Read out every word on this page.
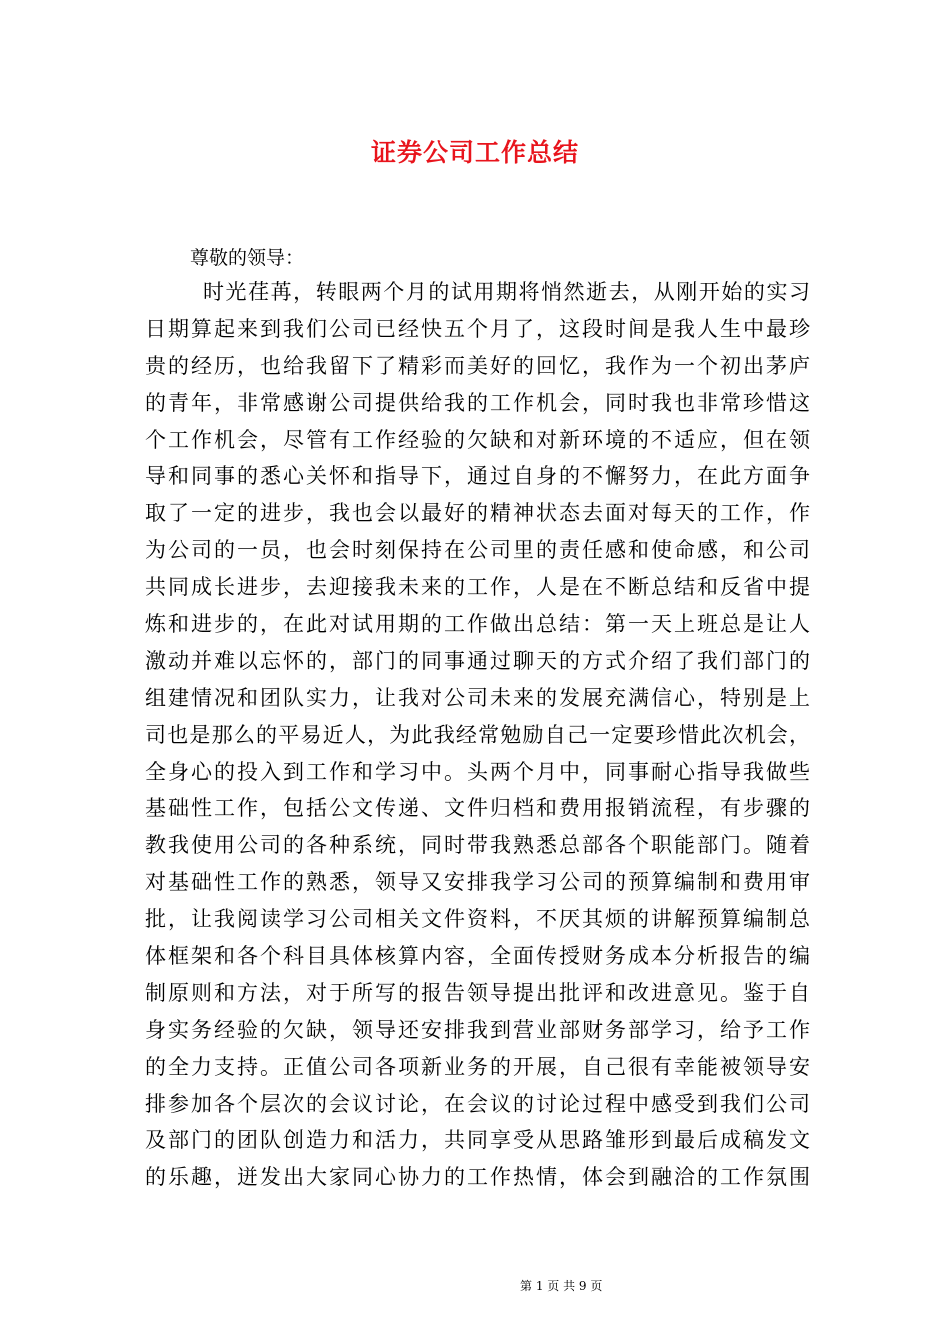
证券公司工作总结
尊敬的领导：
时光荏苒，转眼两个月的试用期将悄然逝去，从刚开始的实习
日期算起来到我们公司已经快五个月了，这段时间是我人生中最珍
贵的经历，也给我留下了精彩而美好的回忆，我作为一个初出茅庐
的青年，非常感谢公司提供给我的工作机会，同时我也非常珍惜这
个工作机会，尽管有工作经验的欠缺和对新环境的不适应，但在领
导和同事的悉心关怀和指导下，通过自身的不懈努力，在此方面争
取了一定的进步，我也会以最好的精神状态去面对每天的工作，作
为公司的一员，也会时刻保持在公司里的责任感和使命感，和公司
共同成长进步，去迎接我未来的工作，人是在不断总结和反省中提
炼和进步的，在此对试用期的工作做出总结：第一天上班总是让人
激动并难以忘怀的，部门的同事通过聊天的方式介绍了我们部门的
组建情况和团队实力，让我对公司未来的发展充满信心，特别是上
司也是那么的平易近人，为此我经常勉励自己一定要珍惜此次机会，
全身心的投入到工作和学习中。头两个月中，同事耐心指导我做些
基础性工作，包括公文传递、文件归档和费用报销流程，有步骤的
教我使用公司的各种系统，同时带我熟悉总部各个职能部门。随着
对基础性工作的熟悉，领导又安排我学习公司的预算编制和费用审
批，让我阅读学习公司相关文件资料，不厌其烦的讲解预算编制总
体框架和各个科目具体核算内容，全面传授财务成本分析报告的编
制原则和方法，对于所写的报告领导提出批评和改进意见。鉴于自
身实务经验的欠缺，领导还安排我到营业部财务部学习，给予工作
的全力支持。正值公司各项新业务的开展，自己很有幸能被领导安
排参加各个层次的会议讨论，在会议的讨论过程中感受到我们公司
及部门的团队创造力和活力，共同享受从思路雏形到最后成稿发文
的乐趣，迸发出大家同心协力的工作热情，体会到融洽的工作氛围
第 1 页 共 9 页
